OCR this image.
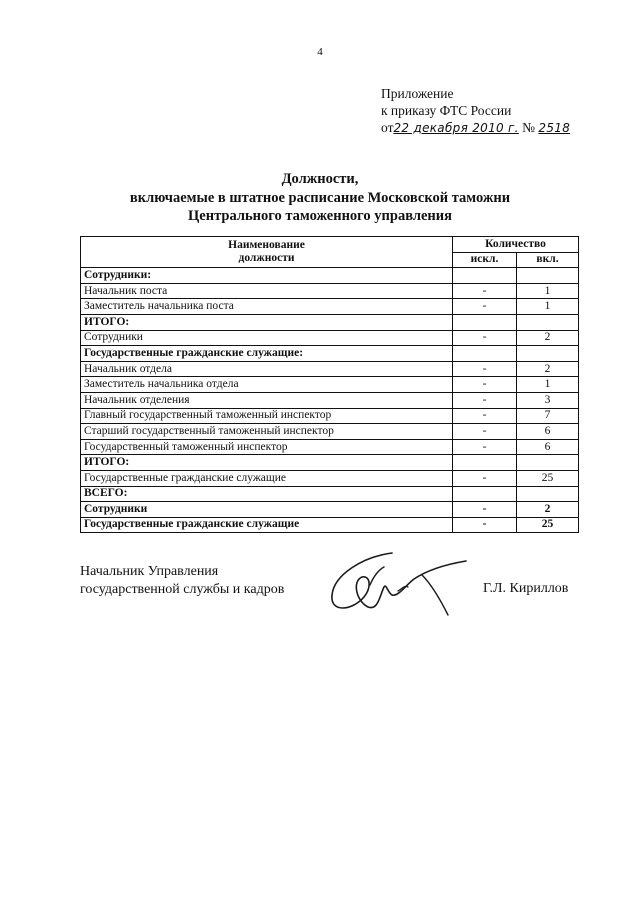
4
Приложение
к приказу ФТС России
от22 декабря 2010 г. № 2518
Должности,
включаемые в штатное расписание Московской таможни
Центрального таможенного управления
Наименование
должности	Количество	
	искл.	вкл.
Сотрудники:		
Начальник поста	-	1
Заместитель начальника поста	-	1
ИТОГО:		
Сотрудники	-	2
Государственные гражданские служащие:		
Начальник отдела	-	2
Заместитель начальника отдела	-	1
Начальник отделения	-	3
Главный государственный таможенный инспектор	-	7
Старший государственный таможенный инспектор	-	6
Государственный таможенный инспектор	-	6
ИТОГО:		
Государственные гражданские служащие	-	25
ВСЕГО:		
Сотрудники	-	2
Государственные гражданские служащие	-	25
Начальник Управления
государственной службы и кадров	Г.Л. Кириллов
